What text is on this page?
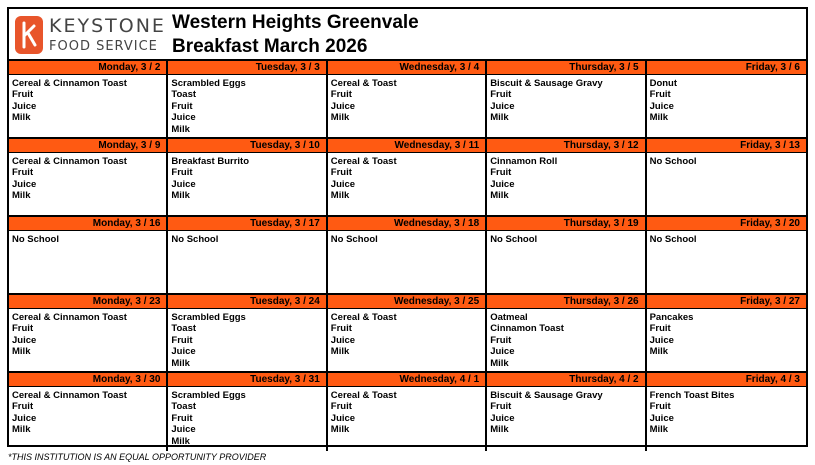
KEYSTONE
FOOD SERVICE
Western Heights Greenvale
Breakfast March 2026
Monday, 3 / 2
Cereal & Cinnamon Toast
Fruit
Juice
Milk
Tuesday, 3 / 3
Scrambled Eggs
Toast
Fruit
Juice
Milk
Wednesday, 3 / 4
Cereal & Toast
Fruit
Juice
Milk
Thursday, 3 / 5
Biscuit & Sausage Gravy
Fruit
Juice
Milk
Friday, 3 / 6
Donut
Fruit
Juice
Milk
Monday, 3 / 9
Cereal & Cinnamon Toast
Fruit
Juice
Milk
Tuesday, 3 / 10
Breakfast Burrito
Fruit
Juice
Milk
Wednesday, 3 / 11
Cereal & Toast
Fruit
Juice
Milk
Thursday, 3 / 12
Cinnamon Roll
Fruit
Juice
Milk
Friday, 3 / 13
No School
Monday, 3 / 16
No School
Tuesday, 3 / 17
No School
Wednesday, 3 / 18
No School
Thursday, 3 / 19
No School
Friday, 3 / 20
No School
Monday, 3 / 23
Cereal & Cinnamon Toast
Fruit
Juice
Milk
Tuesday, 3 / 24
Scrambled Eggs
Toast
Fruit
Juice
Milk
Wednesday, 3 / 25
Cereal & Toast
Fruit
Juice
Milk
Thursday, 3 / 26
Oatmeal
Cinnamon Toast
Fruit
Juice
Milk
Friday, 3 / 27
Pancakes
Fruit
Juice
Milk
Monday, 3 / 30
Cereal & Cinnamon Toast
Fruit
Juice
Milk
Tuesday, 3 / 31
Scrambled Eggs
Toast
Fruit
Juice
Milk
Wednesday, 4 / 1
Cereal & Toast
Fruit
Juice
Milk
Thursday, 4 / 2
Biscuit & Sausage Gravy
Fruit
Juice
Milk
Friday, 4 / 3
French Toast Bites
Fruit
Juice
Milk
*THIS INSTITUTION IS AN EQUAL OPPORTUNITY PROVIDER
